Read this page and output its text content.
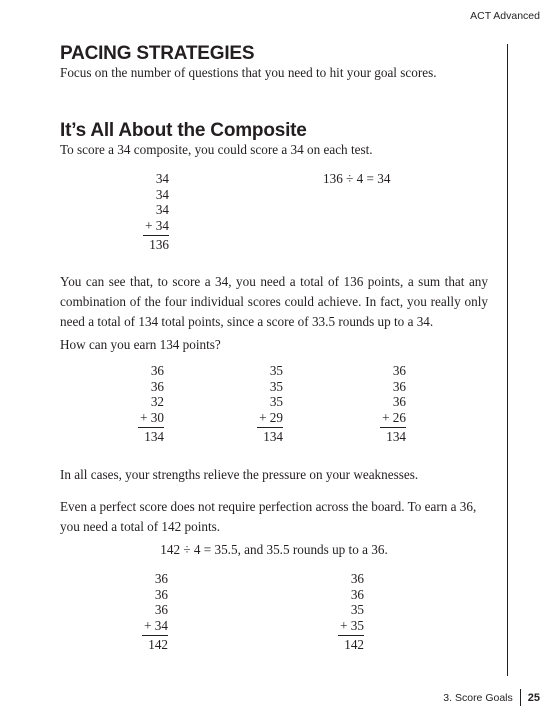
ACT Advanced
PACING STRATEGIES

Focus on the number of questions that you need to hit your goal scores.

It’s All About the Composite

To score a 34 composite, you could score a 34 on each test.

34
34
34
+ 34
136
136 ÷ 4 = 34

You can see that, to score a 34, you need a total of 136 points, a sum that any combination of the four individual scores could achieve. In fact, you really only need a total of 134 total points, since a score of 33.5 rounds up to a 34.

How can you earn 134 points?

36
36
32
+ 30
134
35
35
35
+ 29
134
36
36
36
+ 26
134

In all cases, your strengths relieve the pressure on your weaknesses.

Even a perfect score does not require perfection across the board. To earn a 36, you need a total of 142 points.

142 ÷ 4 = 35.5, and 35.5 rounds up to a 36.

36
36
36
+ 34
142
36
36
35
+ 35
142
3. Score Goals 25
